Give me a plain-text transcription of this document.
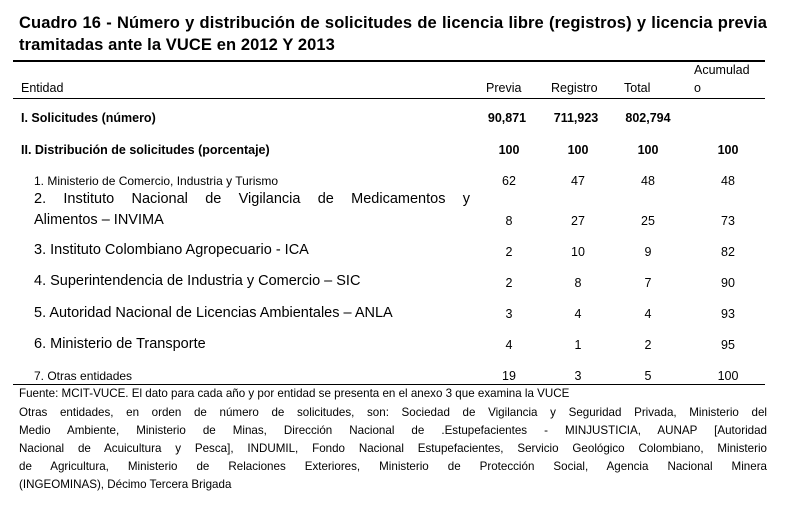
Cuadro 16 - Número y distribución de solicitudes de licencia libre (registros) y licencia previa
tramitadas ante la VUCE en 2012 Y 2013
Entidad	Previa Registro Total
Acumulad
o
I. Solicitudes (número)	90,871	711,923 802,794
II. Distribución de solicitudes (porcentaje)	100	100	100	100
1. Ministerio de Comercio, Industria y Turismo	62	47	48	48
2. Instituto Nacional de Vigilancia de Medicamentos y
Alimentos – INVIMA	8	27	25	73
3. Instituto Colombiano Agropecuario - ICA	2	10	9	82
4. Superintendencia de Industria y Comercio – SIC	2	8	7	90
5. Autoridad Nacional de Licencias Ambientales – ANLA	3	4	4	93
6. Ministerio de Transporte	4	1	2	95
7. Otras entidades	19	3	5	100
Fuente: MCIT-VUCE. El dato para cada año y por entidad se presenta en el anexo 3 que examina la VUCE
Otras entidades, en orden de número de solicitudes, son: Sociedad de Vigilancia y Seguridad Privada, Ministerio del
Medio Ambiente, Ministerio de Minas, Dirección Nacional de .Estupefacientes - MINJUSTICIA, AUNAP [Autoridad
Nacional de Acuicultura y Pesca], INDUMIL, Fondo Nacional Estupefacientes, Servicio Geológico Colombiano, Ministerio
de Agricultura, Ministerio de Relaciones Exteriores, Ministerio de Protección Social, Agencia Nacional Minera
(INGEOMINAS), Décimo Tercera Brigada
